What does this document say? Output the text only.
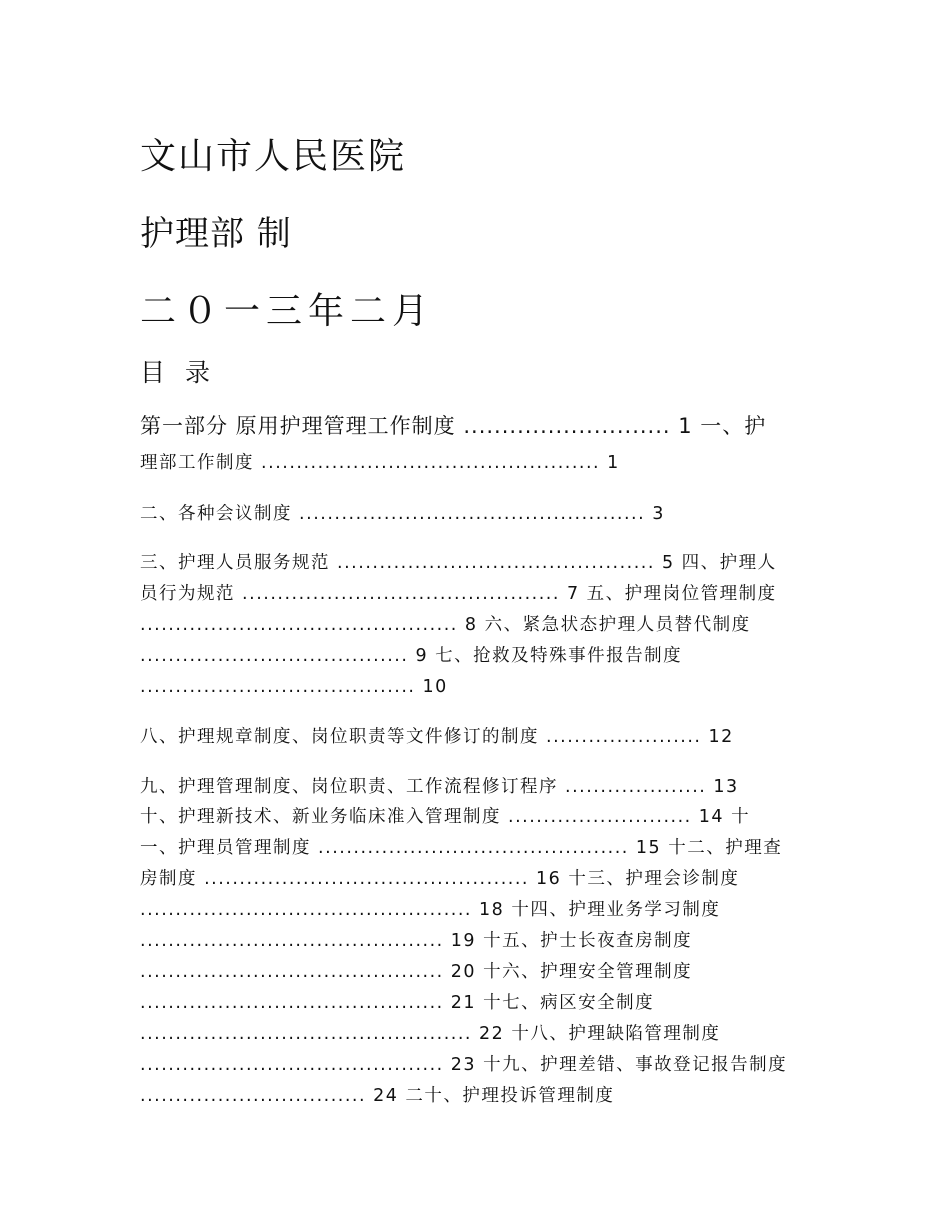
文山市人民医院
护理部 制
二０一三年二月
目 录
第一部分 原用护理管理工作制度 ........................... 1 一、护
理部工作制度 ................................................ 1
二、各种会议制度 ................................................. 3
三、护理人员服务规范 ............................................. 5 四、护理人
员行为规范 ............................................. 7 五、护理岗位管理制度
............................................. 8 六、紧急状态护理人员替代制度
...................................... 9 七、抢救及特殊事件报告制度
....................................... 10
八、护理规章制度、岗位职责等文件修订的制度 ...................... 12
九、护理管理制度、岗位职责、工作流程修订程序 .................... 13
十、护理新技术、新业务临床准入管理制度 .......................... 14 十
一、护理员管理制度 ............................................ 15 十二、护理查
房制度 .............................................. 16 十三、护理会诊制度
............................................... 18 十四、护理业务学习制度
........................................... 19 十五、护士长夜查房制度
........................................... 20 十六、护理安全管理制度
........................................... 21 十七、病区安全制度
............................................... 22 十八、护理缺陷管理制度
........................................... 23 十九、护理差错、事故登记报告制度
................................ 24 二十、护理投诉管理制度
